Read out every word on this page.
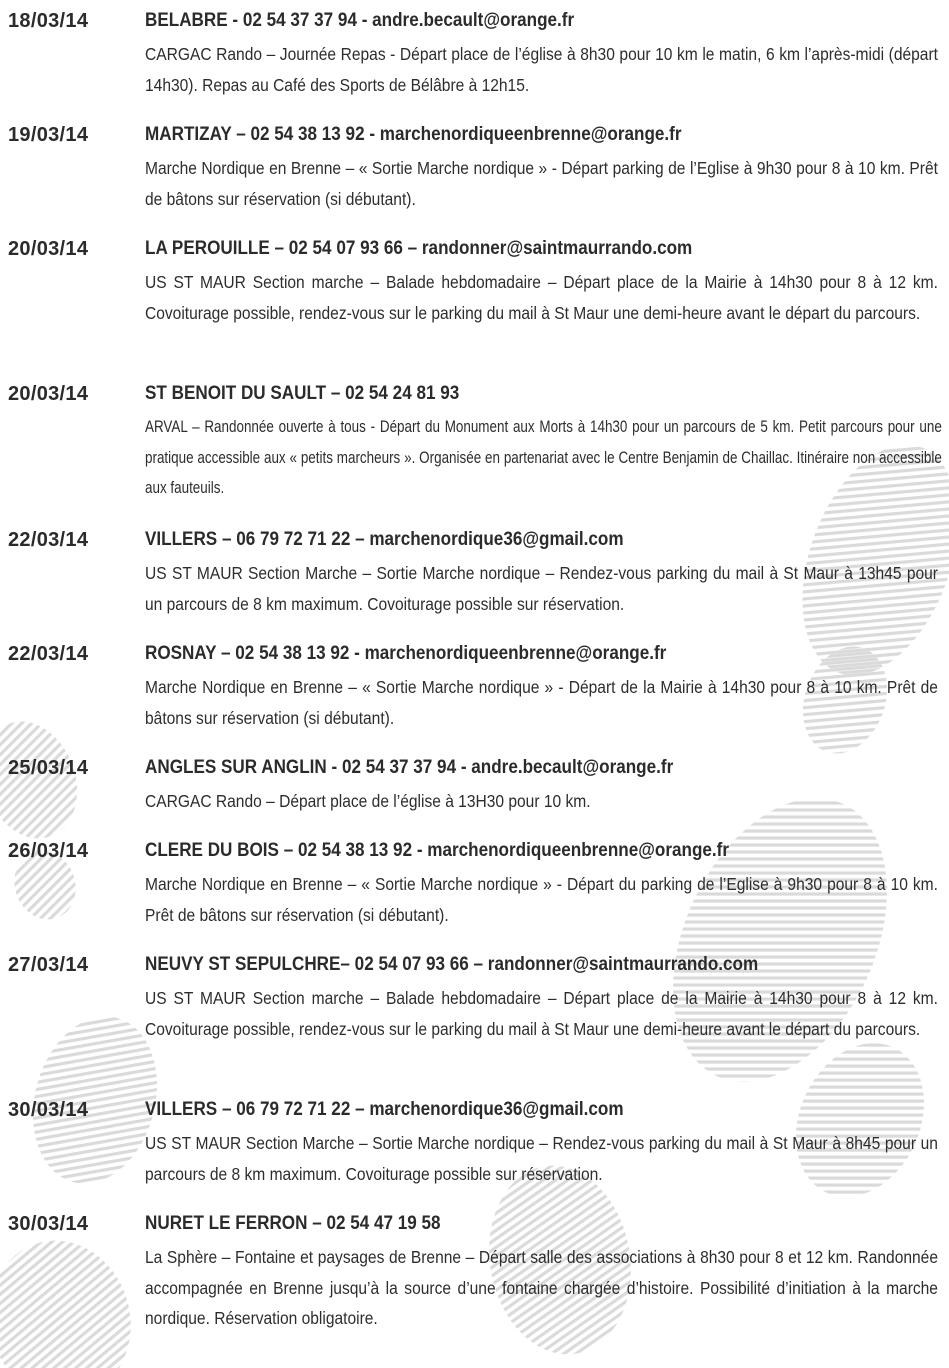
18/03/14	BELABRE - 02 54 37 37 94 - andre.becault@orange.fr
CARGAC Rando – Journée Repas - Départ place de l’église à 8h30 pour 10 km le matin, 6 km l’après-midi (départ 14h30). Repas au Café des Sports de Bélâbre à 12h15.
19/03/14	MARTIZAY – 02 54 38 13 92 - marchenordiqueenbrenne@orange.fr
Marche Nordique en Brenne – « Sortie Marche nordique » - Départ parking de l’Eglise à 9h30 pour 8 à 10 km. Prêt de bâtons sur réservation (si débutant).
20/03/14	LA PEROUILLE – 02 54 07 93 66 – randonner@saintmaurrando.com
US ST MAUR Section marche – Balade hebdomadaire – Départ place de la Mairie à 14h30 pour 8 à 12 km. Covoiturage possible, rendez-vous sur le parking du mail à St Maur une demi-heure avant le départ du parcours.
20/03/14	ST BENOIT DU SAULT – 02 54 24 81 93
ARVAL – Randonnée ouverte à tous - Départ du Monument aux Morts à 14h30 pour un parcours de 5 km. Petit parcours pour une pratique accessible aux « petits marcheurs ». Organisée en partenariat avec le Centre Benjamin de Chaillac. Itinéraire non accessible aux fauteuils.
22/03/14	VILLERS – 06 79 72 71 22 – marchenordique36@gmail.com
US ST MAUR Section Marche – Sortie Marche nordique – Rendez-vous parking du mail à St Maur à 13h45 pour un parcours de 8 km maximum. Covoiturage possible sur réservation.
22/03/14	ROSNAY – 02 54 38 13 92 - marchenordiqueenbrenne@orange.fr
Marche Nordique en Brenne – « Sortie Marche nordique » - Départ de la Mairie à 14h30 pour 8 à 10 km. Prêt de bâtons sur réservation (si débutant).
25/03/14	ANGLES SUR ANGLIN - 02 54 37 37 94 - andre.becault@orange.fr
CARGAC Rando – Départ place de l’église à 13H30 pour 10 km.
26/03/14	CLERE DU BOIS – 02 54 38 13 92 - marchenordiqueenbrenne@orange.fr
Marche Nordique en Brenne – « Sortie Marche nordique » - Départ du parking de l’Eglise à 9h30 pour 8 à 10 km. Prêt de bâtons sur réservation (si débutant).
27/03/14	NEUVY ST SEPULCHRE– 02 54 07 93 66 – randonner@saintmaurrando.com
US ST MAUR Section marche – Balade hebdomadaire – Départ place de la Mairie à 14h30 pour 8 à 12 km. Covoiturage possible, rendez-vous sur le parking du mail à St Maur une demi-heure avant le départ du parcours.
30/03/14	VILLERS – 06 79 72 71 22 – marchenordique36@gmail.com
US ST MAUR Section Marche – Sortie Marche nordique – Rendez-vous parking du mail à St Maur à 8h45 pour un parcours de 8 km maximum. Covoiturage possible sur réservation.
30/03/14	NURET LE FERRON – 02 54 47 19 58
La Sphère – Fontaine et paysages de Brenne – Départ salle des associations à 8h30 pour 8 et 12 km. Randonnée accompagnée en Brenne jusqu’à la source d’une fontaine chargée d’histoire. Possibilité d’initiation à la marche nordique. Réservation obligatoire.
